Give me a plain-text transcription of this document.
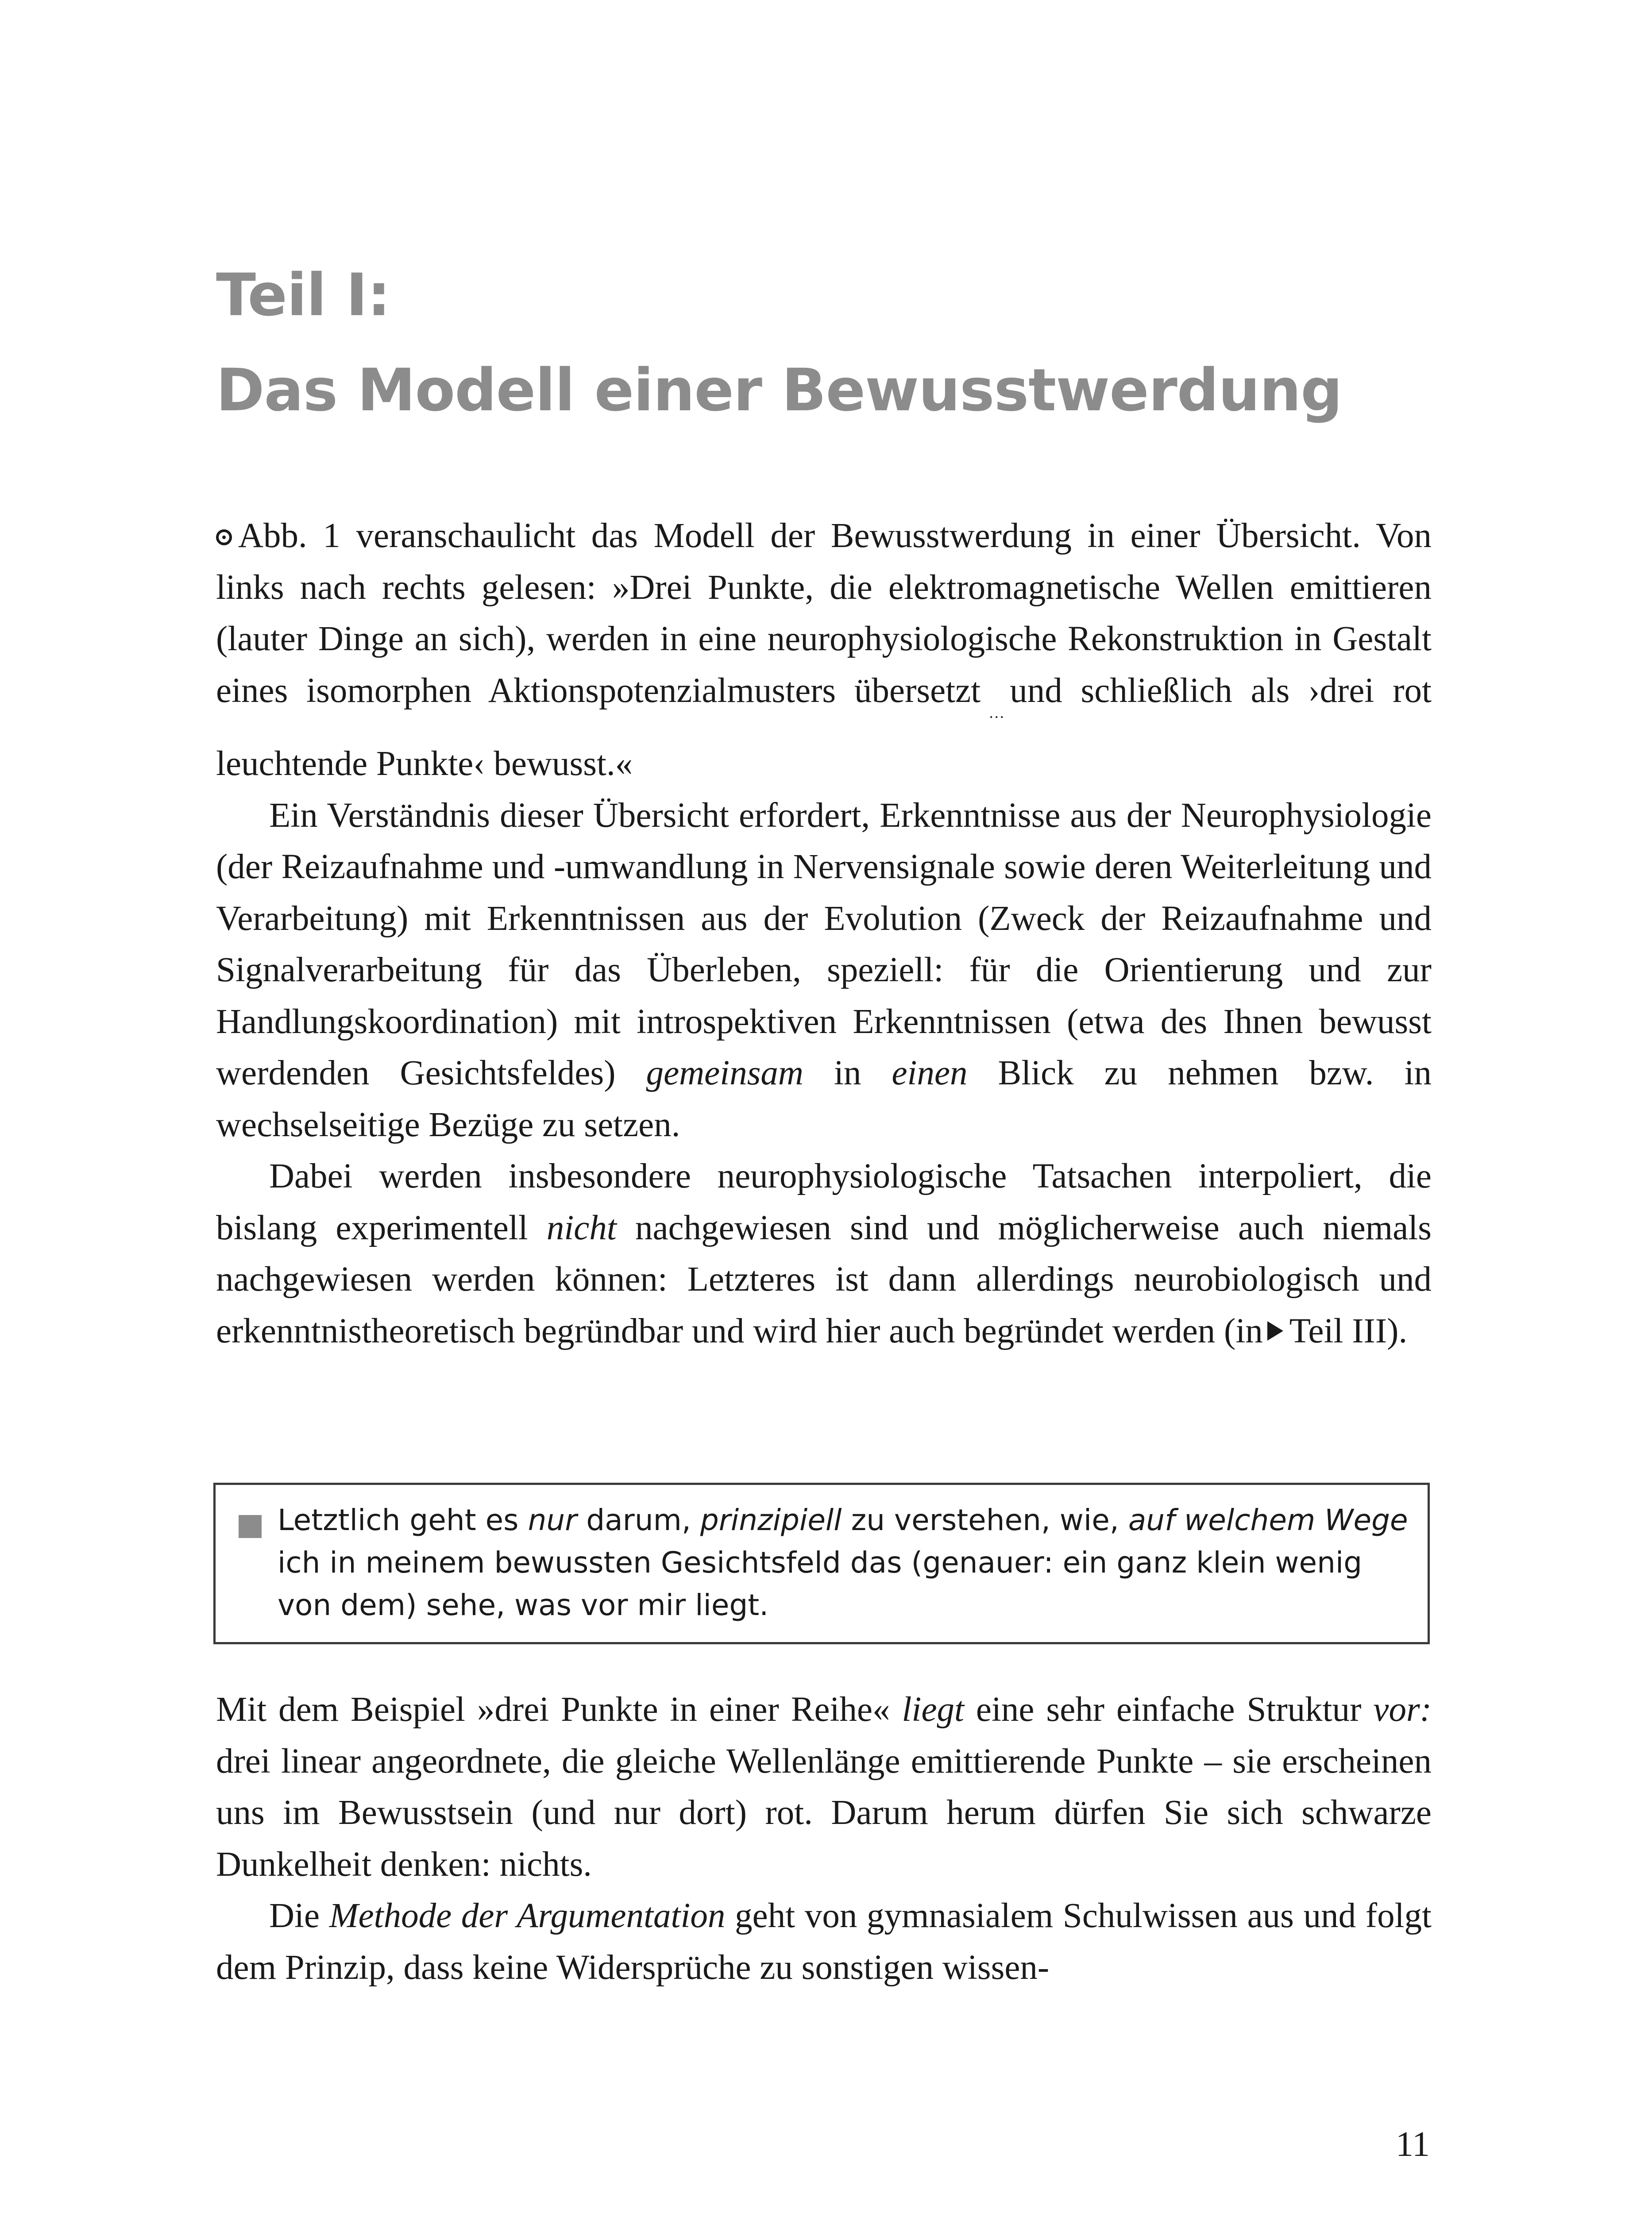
Teil I:
Das Modell einer Bewusstwerdung

Abb. 1 veranschaulicht das Modell der Bewusstwerdung in einer Übersicht. Von links nach rechts gelesen: »Drei Punkte, die elektromagnetische Wellen emittieren (lauter Dinge an sich), werden in eine neurophysiologische Rekonstruktion in Gestalt eines isomorphen Aktionspotenzialmusters übersetzt…und schließlich als ›drei rot leuchtende Punkte‹ bewusst.«

Ein Verständnis dieser Übersicht erfordert, Erkenntnisse aus der Neurophysiologie (der Reizaufnahme und -umwandlung in Nervensignale sowie deren Weiterleitung und Verarbeitung) mit Erkenntnissen aus der Evolution (Zweck der Reizaufnahme und Signalverarbeitung für das Überleben, speziell: für die Orientierung und zur Handlungskoordination) mit introspektiven Erkenntnissen (etwa des Ihnen bewusst werdenden Gesichtsfeldes) gemeinsam in einen Blick zu nehmen bzw. in wechselseitige Bezüge zu setzen.

Dabei werden insbesondere neurophysiologische Tatsachen interpoliert, die bislang experimentell nicht nachgewiesen sind und möglicherweise auch niemals nachgewiesen werden können: Letzteres ist dann allerdings neurobiologisch und erkenntnistheoretisch begründbar und wird hier auch begründet werden (in Teil III).

Letztlich geht es nur darum, prinzipiell zu verstehen, wie, auf welchem Wege ich in meinem bewussten Gesichtsfeld das (genauer: ein ganz klein wenig von dem) sehe, was vor mir liegt.

Mit dem Beispiel »drei Punkte in einer Reihe« liegt eine sehr einfache Struktur vor: drei linear angeordnete, die gleiche Wellenlänge emittierende Punkte – sie erscheinen uns im Bewusstsein (und nur dort) rot. Darum herum dürfen Sie sich schwarze Dunkelheit denken: nichts.

Die Methode der Argumentation geht von gymnasialem Schulwissen aus und folgt dem Prinzip, dass keine Widersprüche zu sonstigen wissen-

11
